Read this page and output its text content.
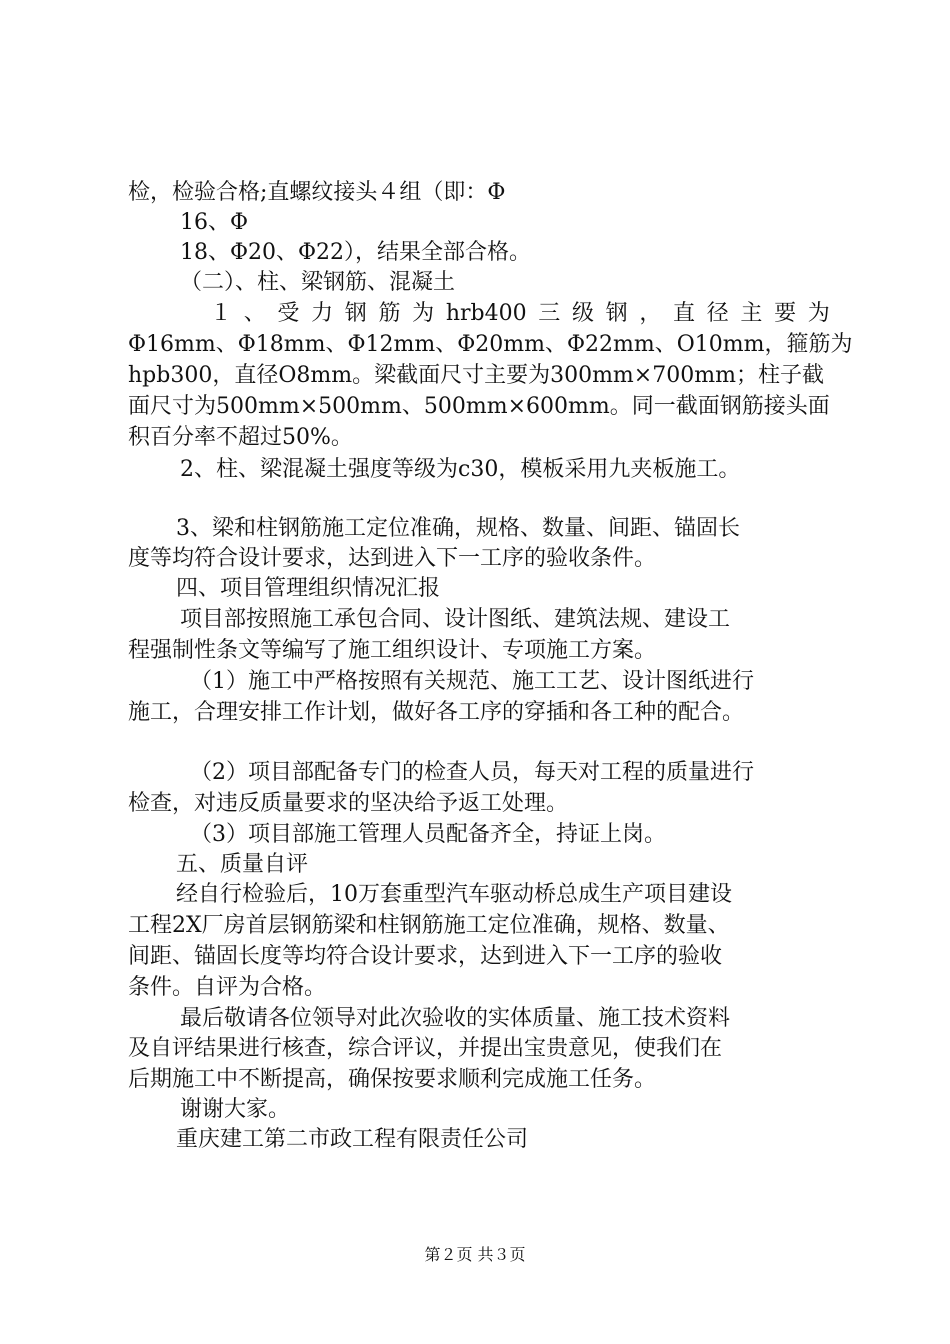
检，检验合格;直螺纹接头４组（即：Φ
16、Φ
18、Φ20、Φ22），结果全部合格。
（二）、柱、梁钢筋、混凝土
１ 、 受 力 钢 筋 为 hrb400 三 级 钢 ， 直 径 主 要 为
Φ16mm、Φ18mm、Φ12mm、Φ20mm、Φ22mm、Ο10mm，箍筋为
hpb300，直径Ο8mm。梁截面尺寸主要为300mm×700mm；柱子截
面尺寸为500mm×500mm、500mm×600mm。同一截面钢筋接头面
积百分率不超过50%。
2、柱、梁混凝土强度等级为c30，模板采用九夹板施工。
3、梁和柱钢筋施工定位准确，规格、数量、间距、锚固长
度等均符合设计要求，达到进入下一工序的验收条件。
四、项目管理组织情况汇报
项目部按照施工承包合同、设计图纸、建筑法规、建设工
程强制性条文等编写了施工组织设计、专项施工方案。
（1）施工中严格按照有关规范、施工工艺、设计图纸进行
施工，合理安排工作计划，做好各工序的穿插和各工种的配合。
（2）项目部配备专门的检查人员，每天对工程的质量进行
检查，对违反质量要求的坚决给予返工处理。
（3）项目部施工管理人员配备齐全，持证上岗。
五、质量自评
经自行检验后，10万套重型汽车驱动桥总成生产项目建设
工程2X厂房首层钢筋梁和柱钢筋施工定位准确，规格、数量、
间距、锚固长度等均符合设计要求，达到进入下一工序的验收
条件。自评为合格。
最后敬请各位领导对此次验收的实体质量、施工技术资料
及自评结果进行核查，综合评议，并提出宝贵意见，使我们在
后期施工中不断提高，确保按要求顺利完成施工任务。
谢谢大家。
重庆建工第二市政工程有限责任公司
第２页 共３页
